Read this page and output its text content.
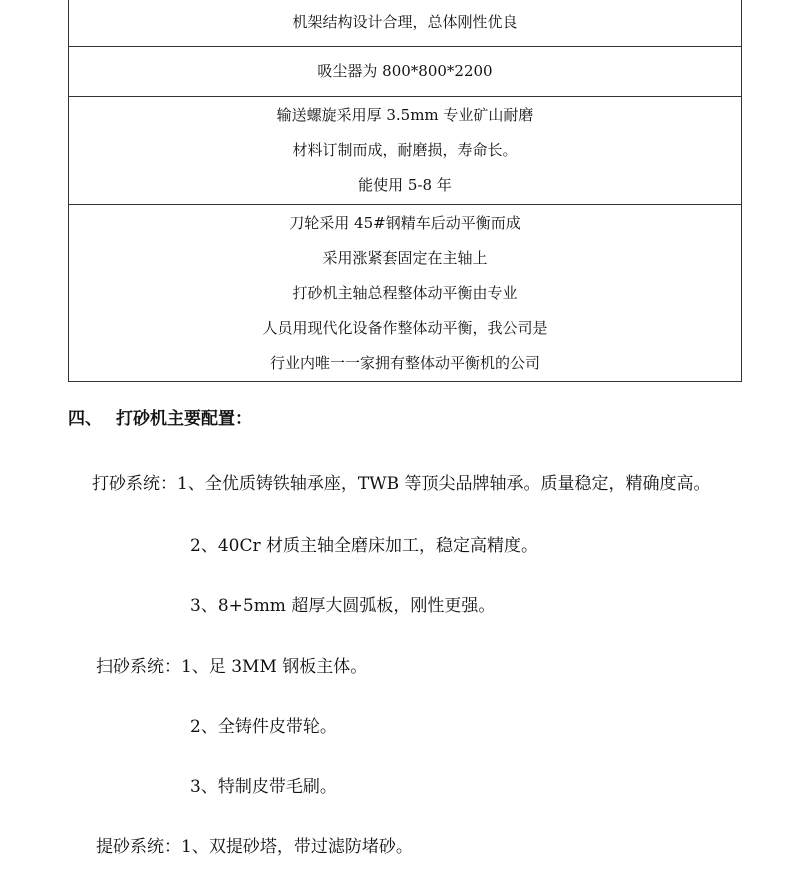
机架结构设计合理，总体刚性优良
吸尘器为 800*800*2200
输送螺旋采用厚 3.5mm 专业矿山耐磨
材料订制而成，耐磨损，寿命长。
能使用 5-8 年
刀轮采用 45#钢精车后动平衡而成
采用涨紧套固定在主轴上
打砂机主轴总程整体动平衡由专业
人员用现代化设备作整体动平衡，我公司是
行业内唯一一家拥有整体动平衡机的公司
四、 打砂机主要配置：
打砂系统：1、全优质铸铁轴承座，TWB 等顶尖品牌轴承。质量稳定，精确度高。
2、40Cr 材质主轴全磨床加工，稳定高精度。
3、8+5mm 超厚大圆弧板，刚性更强。
扫砂系统：1、足 3MM 钢板主体。
2、全铸件皮带轮。
3、特制皮带毛刷。
提砂系统：1、双提砂塔，带过滤防堵砂。
